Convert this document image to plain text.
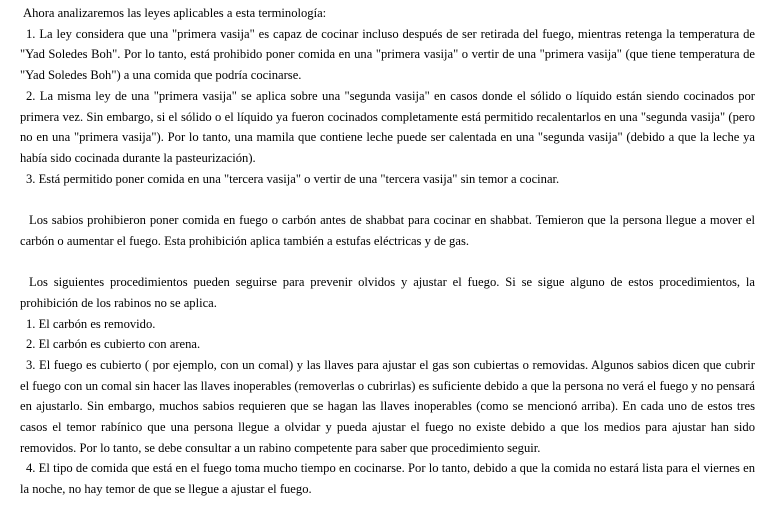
Ahora analizaremos las leyes aplicables a esta terminología:

1. La ley considera que una "primera vasija" es capaz de cocinar incluso después de ser retirada del fuego, mientras retenga la temperatura de "Yad Soledes Boh". Por lo tanto, está prohibido poner comida en una "primera vasija" o vertir de una "primera vasija" (que tiene temperatura de "Yad Soledes Boh") a una comida que podría cocinarse.

2. La misma ley de una "primera vasija" se aplica sobre una "segunda vasija" en casos donde el sólido o líquido están siendo cocinados por primera vez. Sin embargo, si el sólido o el líquido ya fueron cocinados completamente está permitido recalentarlos en una "segunda vasija" (pero no en una "primera vasija"). Por lo tanto, una mamila que contiene leche puede ser calentada en una "segunda vasija" (debido a que la leche ya había sido cocinada durante la pasteurización).

3. Está permitido poner comida en una "tercera vasija" o vertir de una "tercera vasija" sin temor a cocinar.

Los sabios prohibieron poner comida en fuego o carbón antes de shabbat para cocinar en shabbat. Temieron que la persona llegue a mover el carbón o aumentar el fuego. Esta prohibición aplica también a estufas eléctricas y de gas.

Los siguientes procedimientos pueden seguirse para prevenir olvidos y ajustar el fuego. Si se sigue alguno de estos procedimientos, la prohibición de los rabinos no se aplica.

1. El carbón es removido.

2. El carbón es cubierto con arena.

3. El fuego es cubierto ( por ejemplo, con un comal) y las llaves para ajustar el gas son cubiertas o removidas. Algunos sabios dicen que cubrir el fuego con un comal sin hacer las llaves inoperables (removerlas o cubrirlas) es suficiente debido a que la persona no verá el fuego y no pensará en ajustarlo. Sin embargo, muchos sabios requieren que se hagan las llaves inoperables (como se mencionó arriba). En cada uno de estos tres casos el temor rabínico que una persona llegue a olvidar y pueda ajustar el fuego no existe debido a que los medios para ajustar han sido removidos. Por lo tanto, se debe consultar a un rabino competente para saber que procedimiento seguir.

4. El tipo de comida que está en el fuego toma mucho tiempo en cocinarse. Por lo tanto, debido a que la comida no estará lista para el viernes en la noche, no hay temor de que se llegue a ajustar el fuego.
